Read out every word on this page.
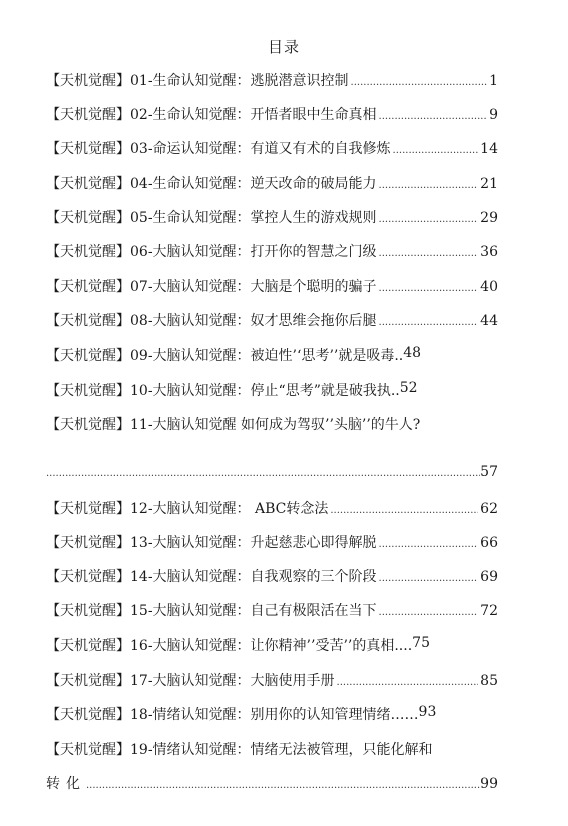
目录
【天机觉醒】01-生命认知觉醒：逃脱潜意识控制 .....	1
【天机觉醒】02-生命认知觉醒：开悟者眼中生命真相 .....	9
【天机觉醒】03-命运认知觉醒：有道又有术的自我修炼 .....	14
【天机觉醒】04-生命认知觉醒：逆天改命的破局能力 .....	21
【天机觉醒】05-生命认知觉醒：掌控人生的游戏规则 .....	29
【天机觉醒】06-大脑认知觉醒：打开你的智慧之门级 .....	36
【天机觉醒】07-大脑认知觉醒：大脑是个聪明的骗子 .....	40
【天机觉醒】08-大脑认知觉醒：奴才思维会拖你后腿 .....	44
【天机觉醒】09-大脑认知觉醒：被迫性’‘思考’’就是吸毒.. 48
【天机觉醒】10-大脑认知觉醒：停止“思考”就是破我执.. 52
【天机觉醒】11-大脑认知觉醒 如何成为驾驭’’头脑’’的牛人?
.....
57
【天机觉醒】12-大脑认知觉醒： ABC转念法 .....	62
【天机觉醒】13-大脑认知觉醒：升起慈悲心即得解脱 .....	66
【天机觉醒】14-大脑认知觉醒：自我观察的三个阶段 .....	69
【天机觉醒】15-大脑认知觉醒：自己有极限活在当下 .....	72
【天机觉醒】16-大脑认知觉醒：让你精神’’受苦’’的真相.... 75
【天机觉醒】17-大脑认知觉醒：大脑使用手册 .....	85
【天机觉醒】18-情绪认知觉醒：别用你的认知管理情绪…… 93
【天机觉醒】19-情绪认知觉醒：情绪无法被管理，只能化解和
转化 .....	99
